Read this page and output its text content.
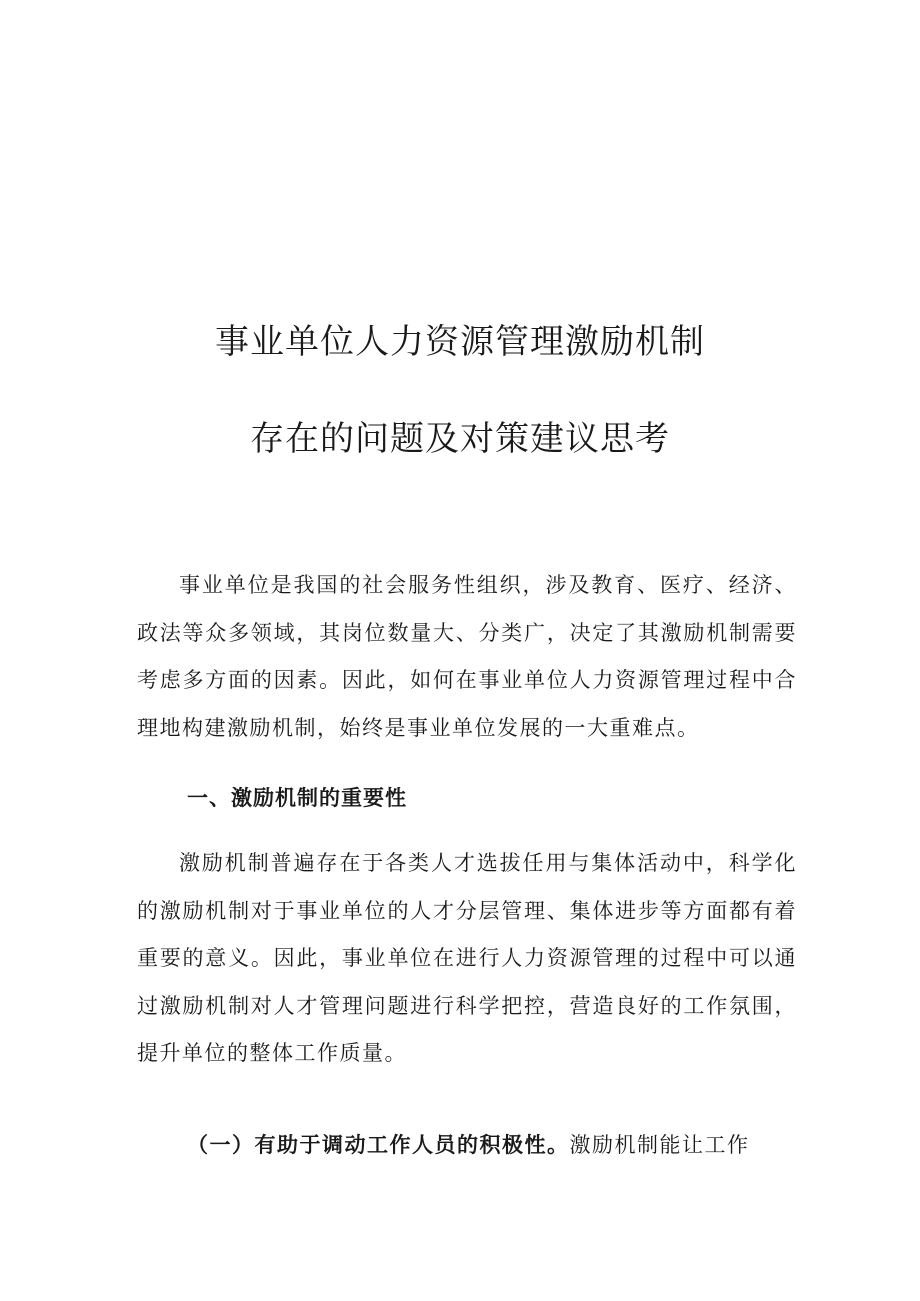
事业单位人力资源管理激励机制
存在的问题及对策建议思考

事业单位是我国的社会服务性组织，涉及教育、医疗、经济、政法等众多领域，其岗位数量大、分类广，决定了其激励机制需要考虑多方面的因素。因此，如何在事业单位人力资源管理过程中合理地构建激励机制，始终是事业单位发展的一大重难点。

一、激励机制的重要性

激励机制普遍存在于各类人才选拔任用与集体活动中，科学化的激励机制对于事业单位的人才分层管理、集体进步等方面都有着重要的意义。因此，事业单位在进行人力资源管理的过程中可以通过激励机制对人才管理问题进行科学把控，营造良好的工作氛围，提升单位的整体工作质量。

（一）有助于调动工作人员的积极性。激励机制能让工作
